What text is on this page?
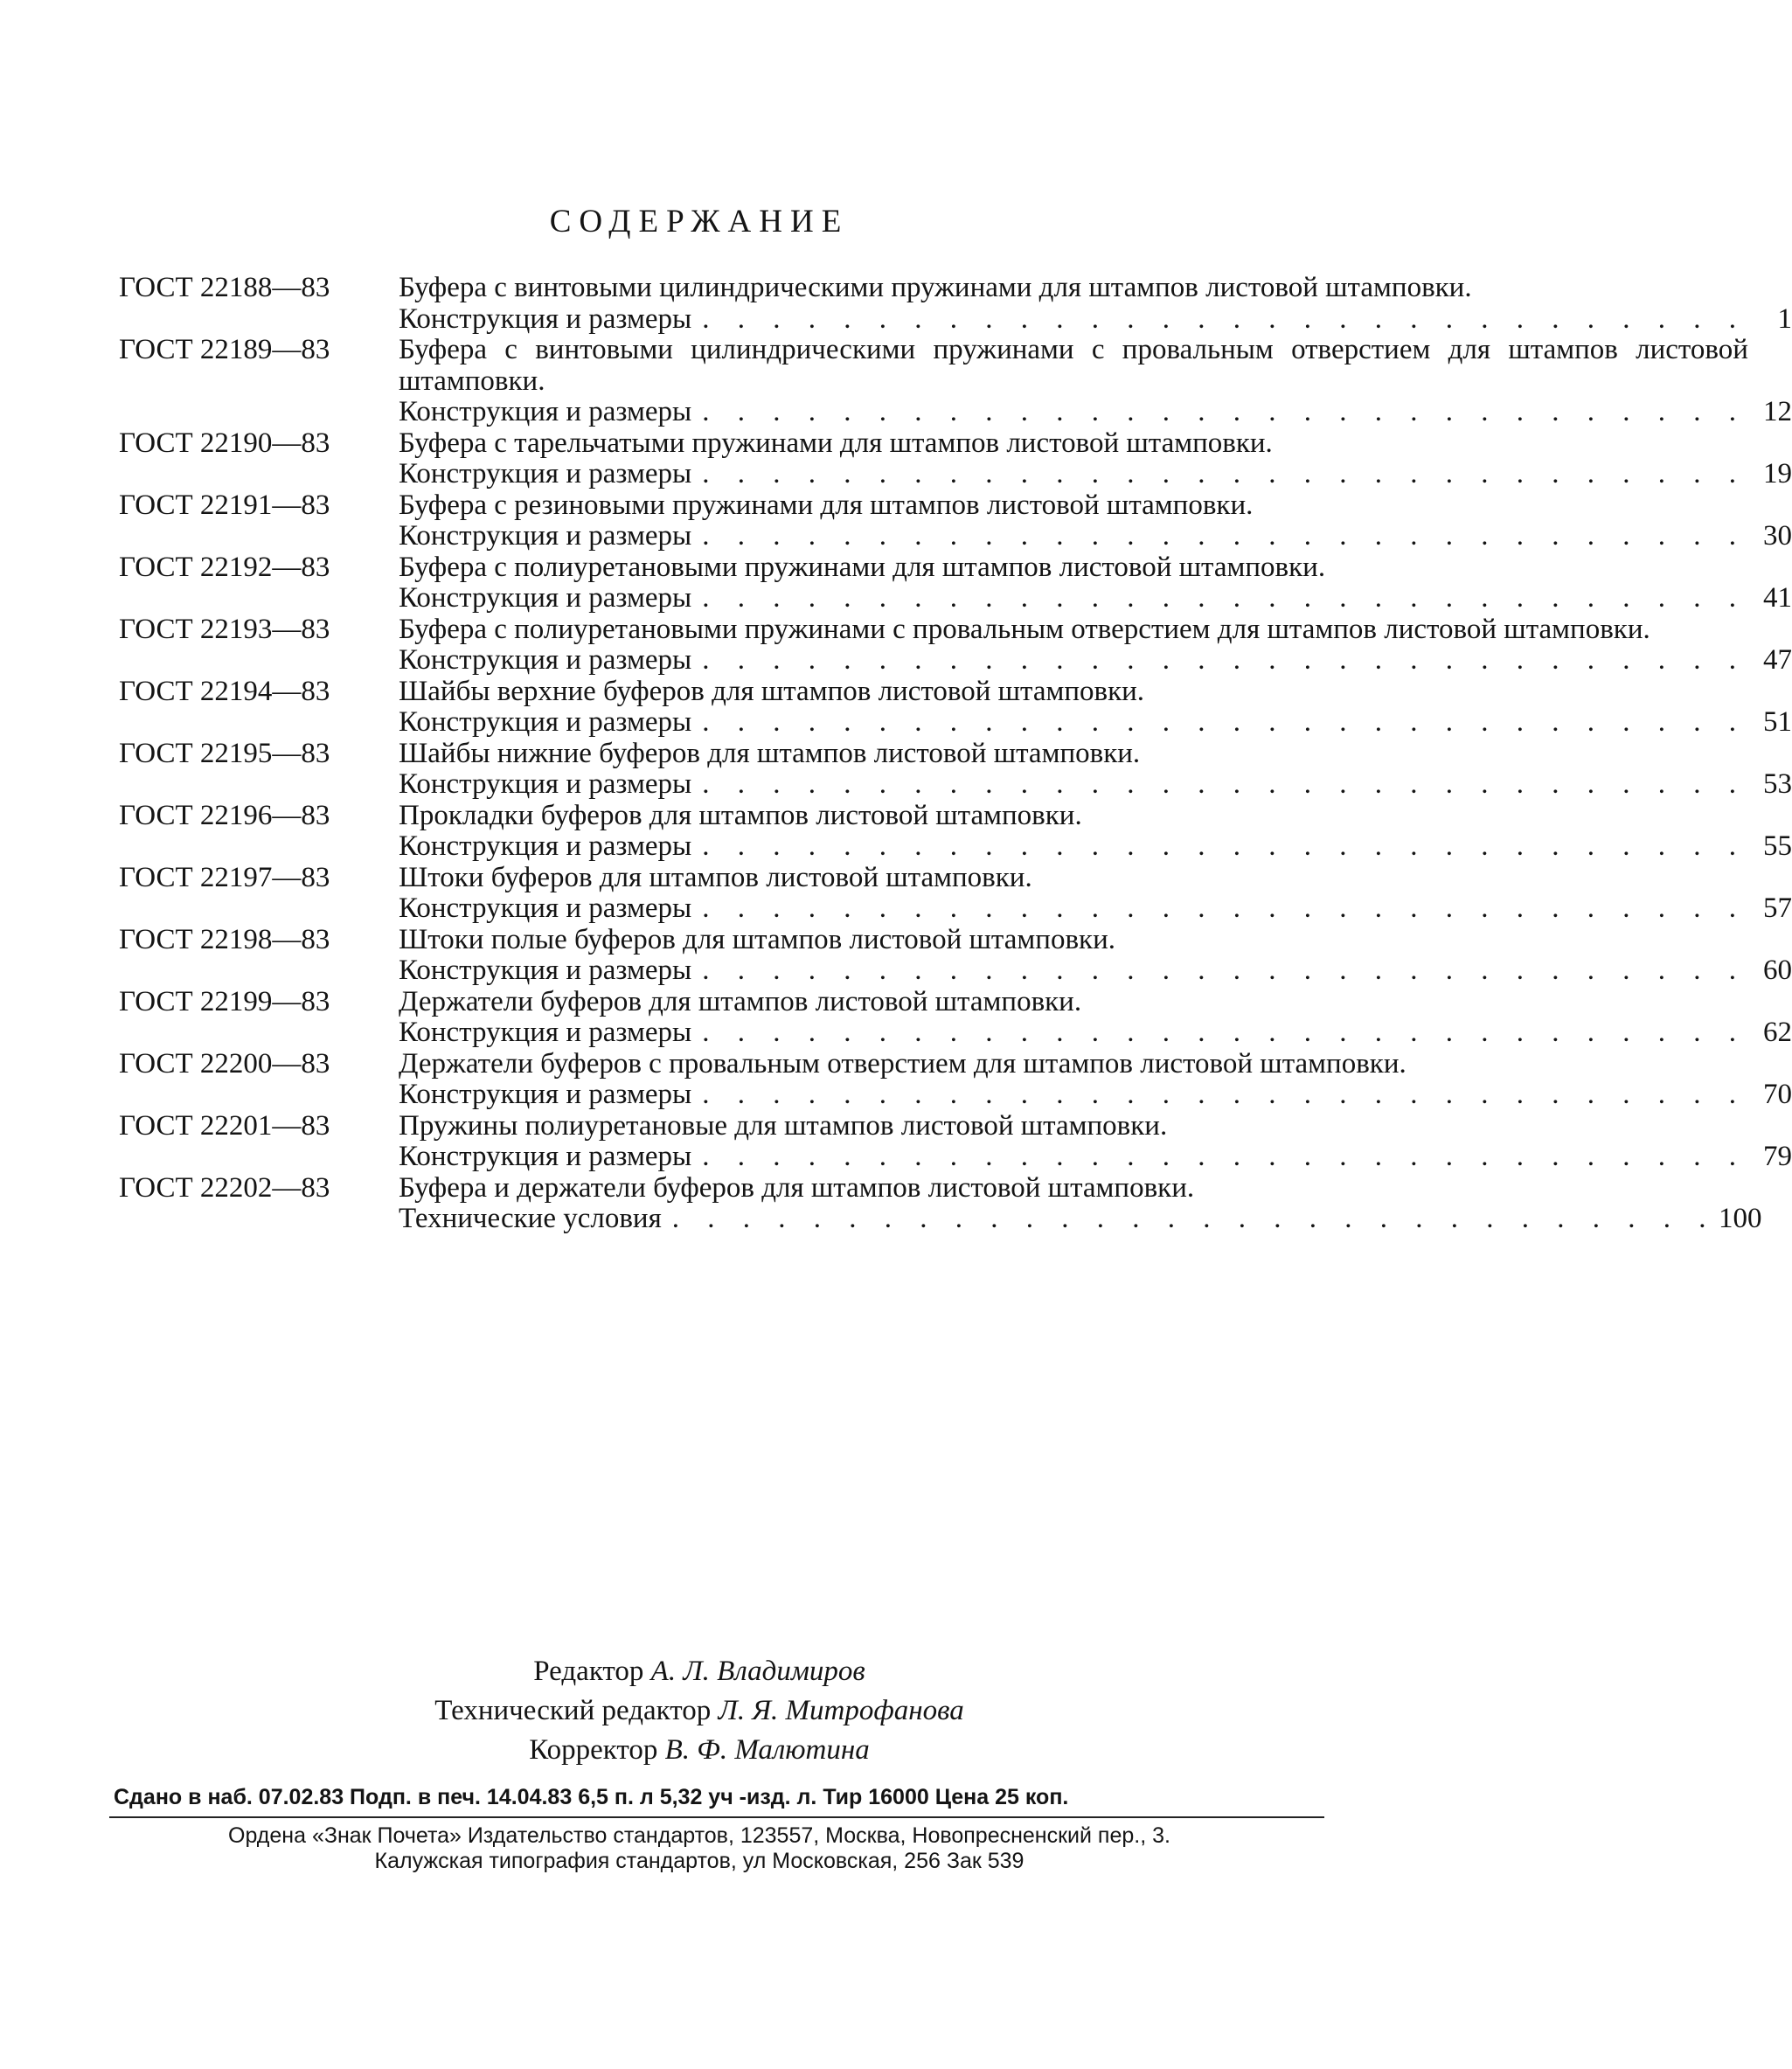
СОДЕРЖАНИЕ
ГОСТ 22188—83	Буфера с винтовыми цилиндрическими пружинами для штампов листовой штамповки.
Конструкция и размеры . . . . . . . . . . . . . . . . . . . . . . . . . . . . . .	1
ГОСТ 22189—83	Буфера с винтовыми цилиндрическими пружинами с провальным отверстием для штампов листовой штамповки.
Конструкция и размеры . . . . . . . . . . . . . . . . . . . . . . . . . . . . . . 12
ГОСТ 22190—83	Буфера с тарельчатыми пружинами для штампов листовой штамповки.
Конструкция и размеры . . . . . . . . . . . . . . . . . . . . . . . . . . . . . . 19
ГОСТ 22191—83	Буфера с резиновыми пружинами для штампов листовой штамповки.
Конструкция и размеры . . . . . . . . . . . . . . . . . . . . . . . . . . . . . . 30
ГОСТ 22192—83	Буфера с полиуретановыми пружинами для штампов листовой штамповки.
Конструкция и размеры . . . . . . . . . . . . . . . . . . . . . . . . . . . . . . 41
ГОСТ 22193—83	Буфера с полиуретановыми пружинами с провальным отверстием для штампов листовой штамповки.
Конструкция и размеры . . . . . . . . . . . . . . . . . . . . . . . . . . . . . . 47
ГОСТ 22194—83	Шайбы верхние буферов для штампов листовой штамповки.
Конструкция и размеры . . . . . . . . . . . . . . . . . . . . . . . . . . . . . . 51
ГОСТ 22195—83	Шайбы нижние буферов для штампов листовой штамповки.
Конструкция и размеры . . . . . . . . . . . . . . . . . . . . . . . . . . . . . . 53
ГОСТ 22196—83	Прокладки буферов для штампов листовой штамповки.
Конструкция и размеры . . . . . . . . . . . . . . . . . . . . . . . . . . . . . . 55
ГОСТ 22197—83	Штоки буферов для штампов листовой штамповки.
Конструкция и размеры . . . . . . . . . . . . . . . . . . . . . . . . . . . . . . 57
ГОСТ 22198—83	Штоки полые буферов для штампов листовой штамповки.
Конструкция и размеры . . . . . . . . . . . . . . . . . . . . . . . . . . . . . . 60
ГОСТ 22199—83	Держатели буферов для штампов листовой штамповки.
Конструкция и размеры . . . . . . . . . . . . . . . . . . . . . . . . . . . . . . 62
ГОСТ 22200—83	Держатели буферов с провальным отверстием для штампов листовой штамповки.
Конструкция и размеры . . . . . . . . . . . . . . . . . . . . . . . . . . . . . . 70
ГОСТ 22201—83	Пружины полиуретановые для штампов листовой штамповки.
Конструкция и размеры . . . . . . . . . . . . . . . . . . . . . . . . . . . . . . 79
ГОСТ 22202—83	Буфера и держатели буферов для штампов листовой штамповки.
Технические условия . . . . . . . . . . . . . . . . . . . . . . . . . . . . . . 100
Редактор А. Л. Владимиров
Технический редактор Л. Я. Митрофанова
Корректор В. Ф. Малютина
Сдано в наб. 07.02.83 Подп. в печ. 14.04.83 6,5 п. л 5,32 уч -изд. л. Тир 16000 Цена 25 коп.
Ордена «Знак Почета» Издательство стандартов, 123557, Москва, Новопресненский пер., 3.
Калужская типография стандартов, ул Московская, 256 Зак 539
